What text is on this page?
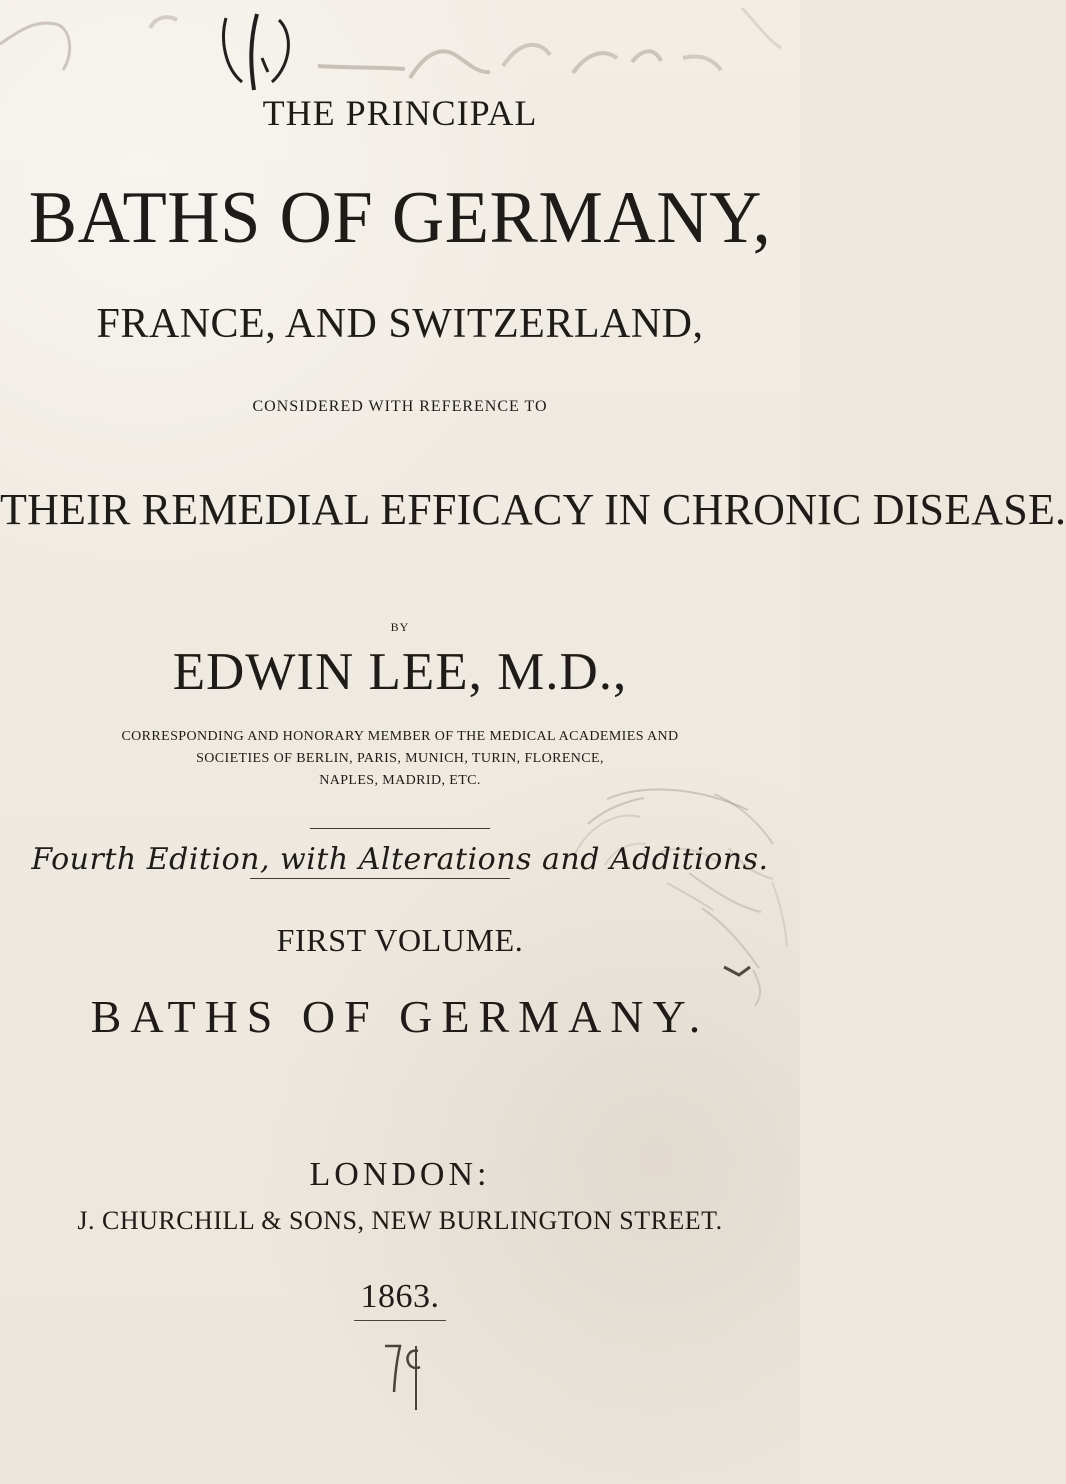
THE PRINCIPAL
BATHS OF GERMANY,
FRANCE, AND SWITZERLAND,
CONSIDERED WITH REFERENCE TO
THEIR REMEDIAL EFFICACY IN CHRONIC DISEASE.
BY
EDWIN LEE, M.D.,
CORRESPONDING AND HONORARY MEMBER OF THE MEDICAL ACADEMIES AND
SOCIETIES OF BERLIN, PARIS, MUNICH, TURIN, FLORENCE,
NAPLES, MADRID, ETC.
Fourth Edition, with Alterations and Additions.
FIRST VOLUME.
BATHS OF GERMANY.
LONDON:
J. CHURCHILL & SONS, NEW BURLINGTON STREET.
1863.
